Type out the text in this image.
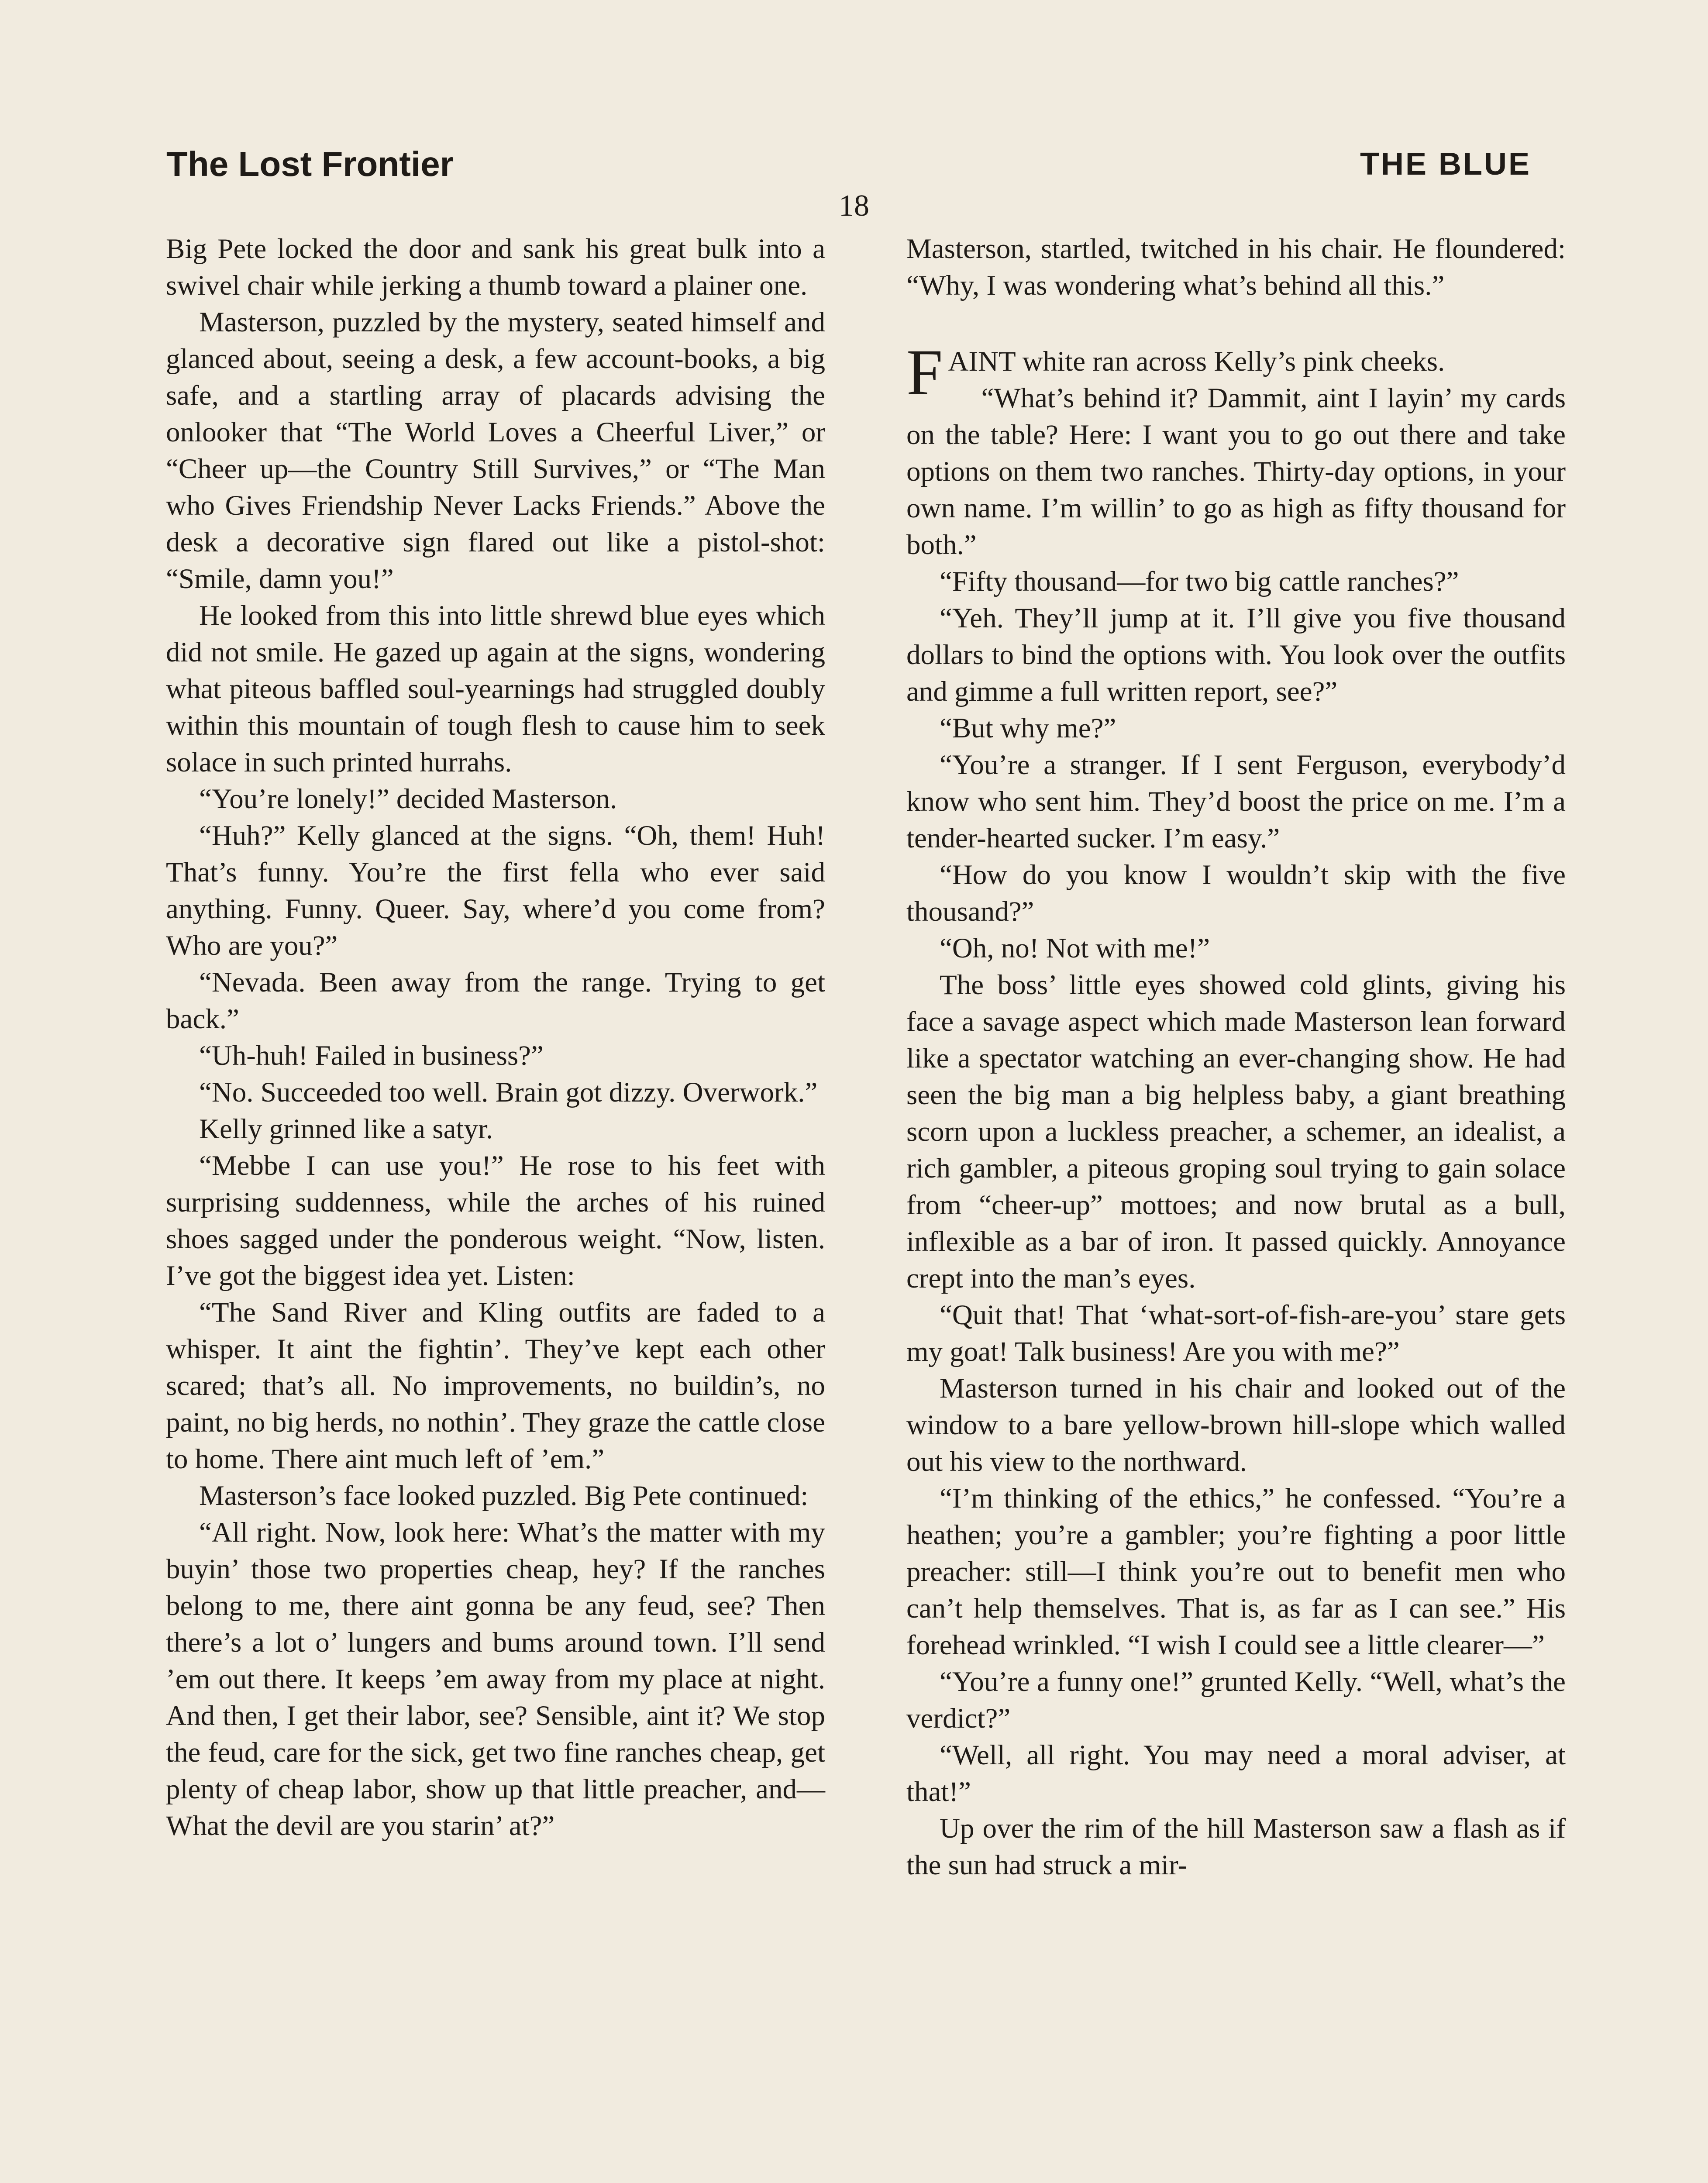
The Lost Frontier	THE BLUE
18

Big Pete locked the door and sank his great bulk into a swivel chair while jerking a thumb toward a plainer one.

Masterson, puzzled by the mystery, seated himself and glanced about, seeing a desk, a few account-books, a big safe, and a startling array of placards advising the onlooker that “The World Loves a Cheerful Liver,” or “Cheer up—the Country Still Survives,” or “The Man who Gives Friendship Never Lacks Friends.” Above the desk a decorative sign flared out like a pistol-shot: “Smile, damn you!”

He looked from this into little shrewd blue eyes which did not smile. He gazed up again at the signs, wondering what piteous baffled soul-yearnings had struggled doubly within this mountain of tough flesh to cause him to seek solace in such printed hurrahs.

“You’re lonely!” decided Masterson.

“Huh?” Kelly glanced at the signs. “Oh, them! Huh! That’s funny. You’re the first fella who ever said anything. Funny. Queer. Say, where’d you come from? Who are you?”

“Nevada. Been away from the range. Trying to get back.”

“Uh-huh! Failed in business?”

“No. Succeeded too well. Brain got dizzy. Overwork.”

Kelly grinned like a satyr.

“Mebbe I can use you!” He rose to his feet with surprising suddenness, while the arches of his ruined shoes sagged under the ponderous weight. “Now, listen. I’ve got the biggest idea yet. Listen:

“The Sand River and Kling outfits are faded to a whisper. It aint the fightin’. They’ve kept each other scared; that’s all. No improvements, no buildin’s, no paint, no big herds, no nothin’. They graze the cattle close to home. There aint much left of ’em.”

Masterson’s face looked puzzled. Big Pete continued:

“All right. Now, look here: What’s the matter with my buyin’ those two properties cheap, hey? If the ranches belong to me, there aint gonna be any feud, see? Then there’s a lot o’ lungers and bums around town. I’ll send ’em out there. It keeps ’em away from my place at night. And then, I get their labor, see? Sensible, aint it? We stop the feud, care for the sick, get two fine ranches cheap, get plenty of cheap labor, show up that little preacher, and— What the devil are you starin’ at?”

Masterson, startled, twitched in his chair. He floundered: “Why, I was wondering what’s behind all this.”

FAINT white ran across Kelly’s pink cheeks.

“What’s behind it? Dammit, aint I layin’ my cards on the table? Here: I want you to go out there and take options on them two ranches. Thirty-day options, in your own name. I’m willin’ to go as high as fifty thousand for both.”

“Fifty thousand—for two big cattle ranches?”

“Yeh. They’ll jump at it. I’ll give you five thousand dollars to bind the options with. You look over the outfits and gimme a full written report, see?”

“But why me?”

“You’re a stranger. If I sent Ferguson, everybody’d know who sent him. They’d boost the price on me. I’m a tender-hearted sucker. I’m easy.”

“How do you know I wouldn’t skip with the five thousand?”

“Oh, no! Not with me!”

The boss’ little eyes showed cold glints, giving his face a savage aspect which made Masterson lean forward like a spectator watching an ever-changing show. He had seen the big man a big helpless baby, a giant breathing scorn upon a luckless preacher, a schemer, an idealist, a rich gambler, a piteous groping soul trying to gain solace from “cheer-up” mottoes; and now brutal as a bull, inflexible as a bar of iron. It passed quickly. Annoyance crept into the man’s eyes.

“Quit that! That ‘what-sort-of-fish-are-you’ stare gets my goat! Talk business! Are you with me?”

Masterson turned in his chair and looked out of the window to a bare yellow-brown hill-slope which walled out his view to the northward.

“I’m thinking of the ethics,” he confessed. “You’re a heathen; you’re a gambler; you’re fighting a poor little preacher: still—I think you’re out to benefit men who can’t help themselves. That is, as far as I can see.” His forehead wrinkled. “I wish I could see a little clearer—”

“You’re a funny one!” grunted Kelly. “Well, what’s the verdict?”

“Well, all right. You may need a moral adviser, at that!”

Up over the rim of the hill Masterson saw a flash as if the sun had struck a mir-
